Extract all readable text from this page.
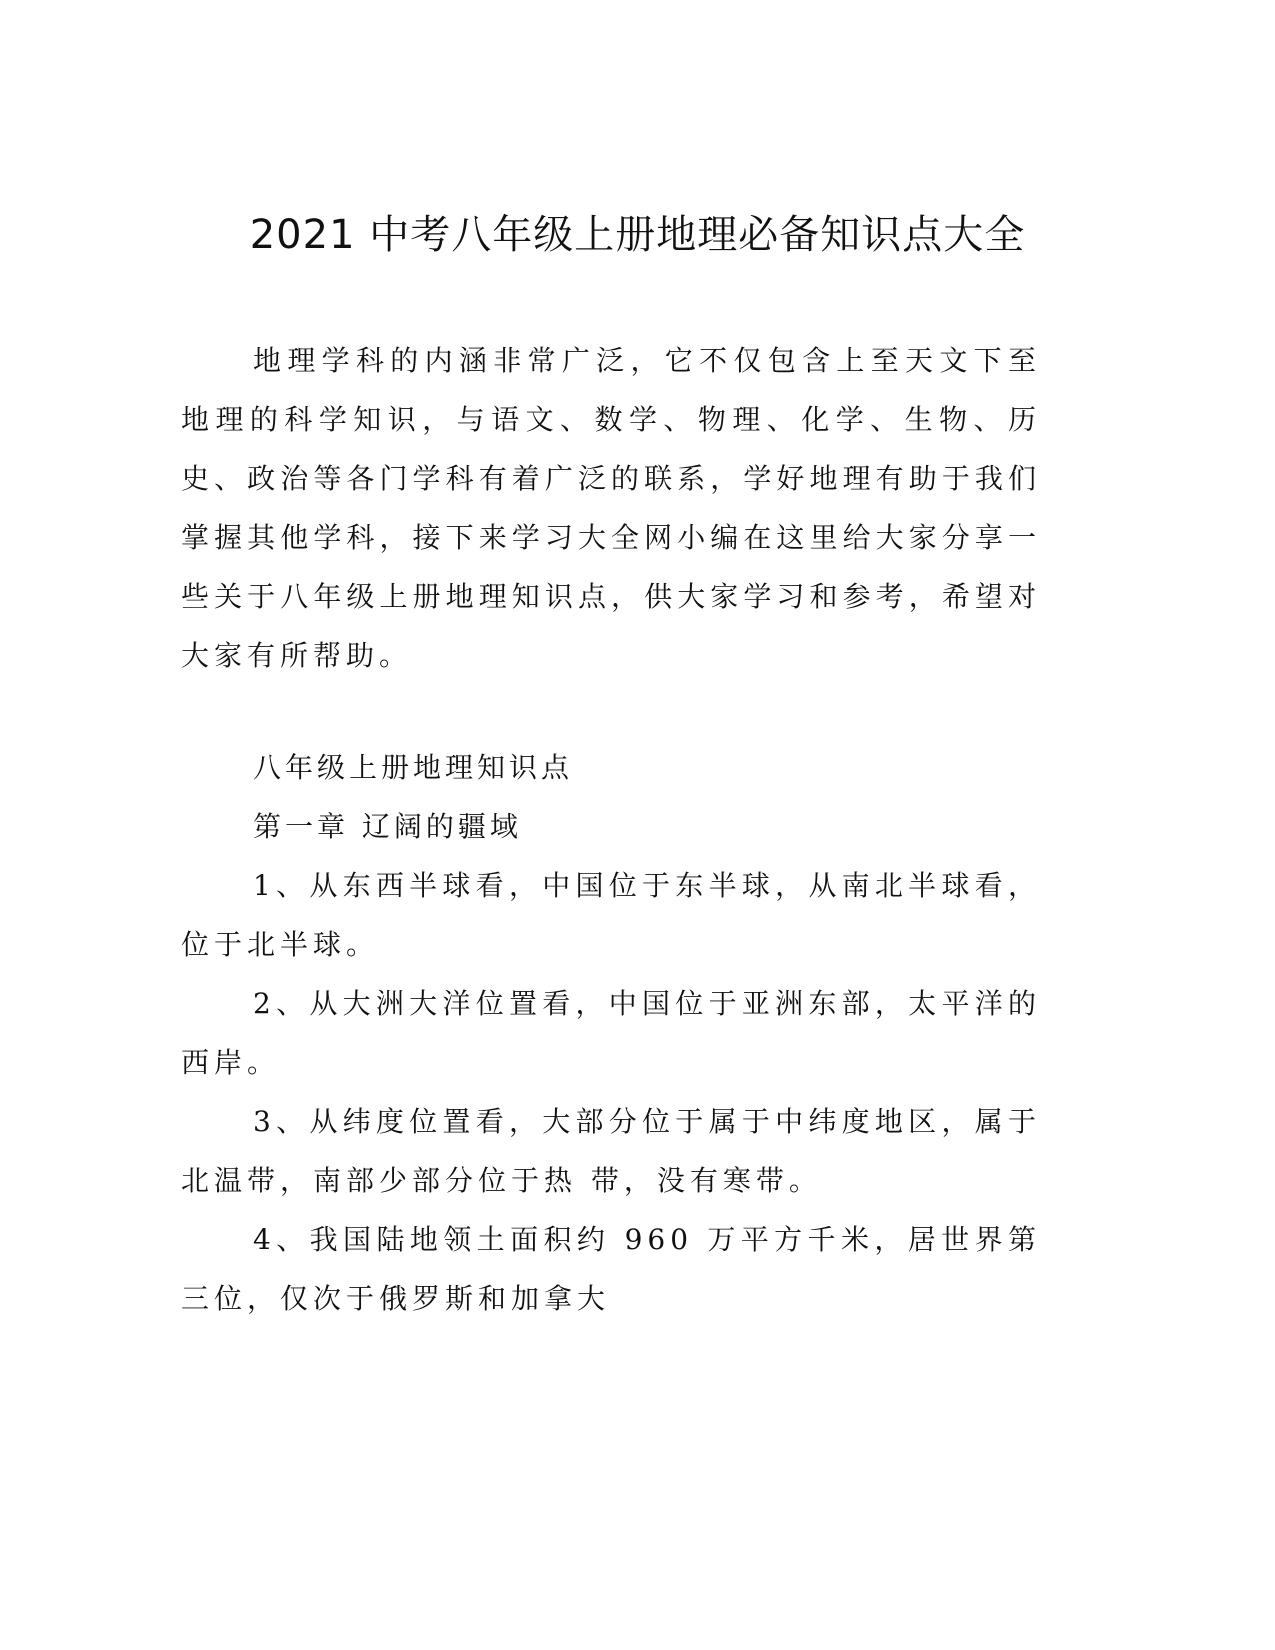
2021 中考八年级上册地理必备知识点大全
地理学科的内涵非常广泛，它不仅包含上至天文下至地理的科学知识，与语文、数学、物理、化学、生物、历史、政治等各门学科有着广泛的联系，学好地理有助于我们掌握其他学科，接下来学习大全网小编在这里给大家分享一些关于八年级上册地理知识点，供大家学习和参考，希望对大家有所帮助。
八年级上册地理知识点
第一章 辽阔的疆域
1、从东西半球看，中国位于东半球，从南北半球看，位于北半球。
2、从大洲大洋位置看，中国位于亚洲东部，太平洋的西岸。
3、从纬度位置看，大部分位于属于中纬度地区，属于北温带，南部少部分位于热 带，没有寒带。
4、我国陆地领土面积约 960 万平方千米，居世界第三位，仅次于俄罗斯和加拿大
